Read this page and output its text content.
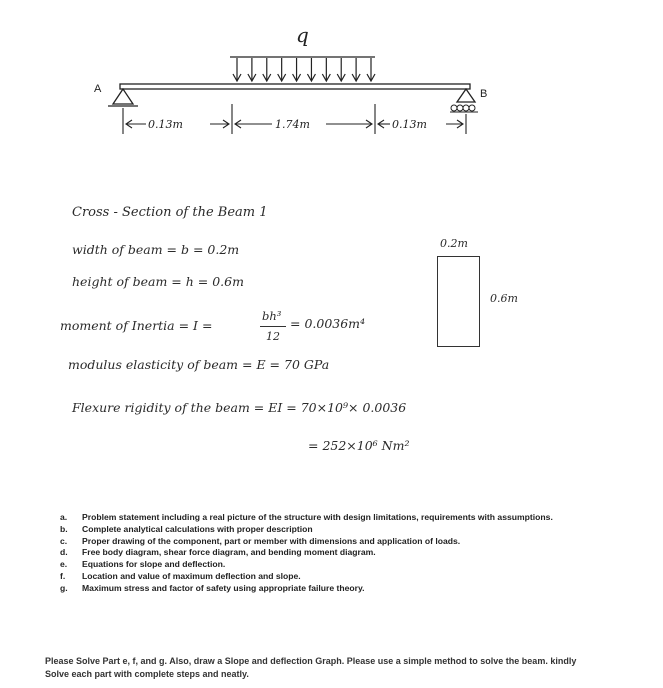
q
A	B
0.13m	1.74m	0.13m
Cross - Section of the Beam 1
width of beam = b = 0.2m
height of beam = h = 0.6m
moment of Inertia = I =
bh³
12
= 0.0036m⁴
modulus elasticity of beam = E = 70 GPa
Flexure rigidity of the beam = EI = 70×10⁹× 0.0036
= 252×10⁶ Nm²
0.2m
0.6m
a.	Problem statement including a real picture of the structure with design limitations, requirements with assumptions.
b.	Complete analytical calculations with proper description
c.	Proper drawing of the component, part or member with dimensions and application of loads.
d.	Free body diagram, shear force diagram, and bending moment diagram.
e.	Equations for slope and deflection.
f.	Location and value of maximum deflection and slope.
g.	Maximum stress and factor of safety using appropriate failure theory.
Please Solve Part e, f, and g. Also, draw a Slope and deflection Graph. Please use a simple method to solve the beam. kindly Solve each part with complete steps and neatly.
